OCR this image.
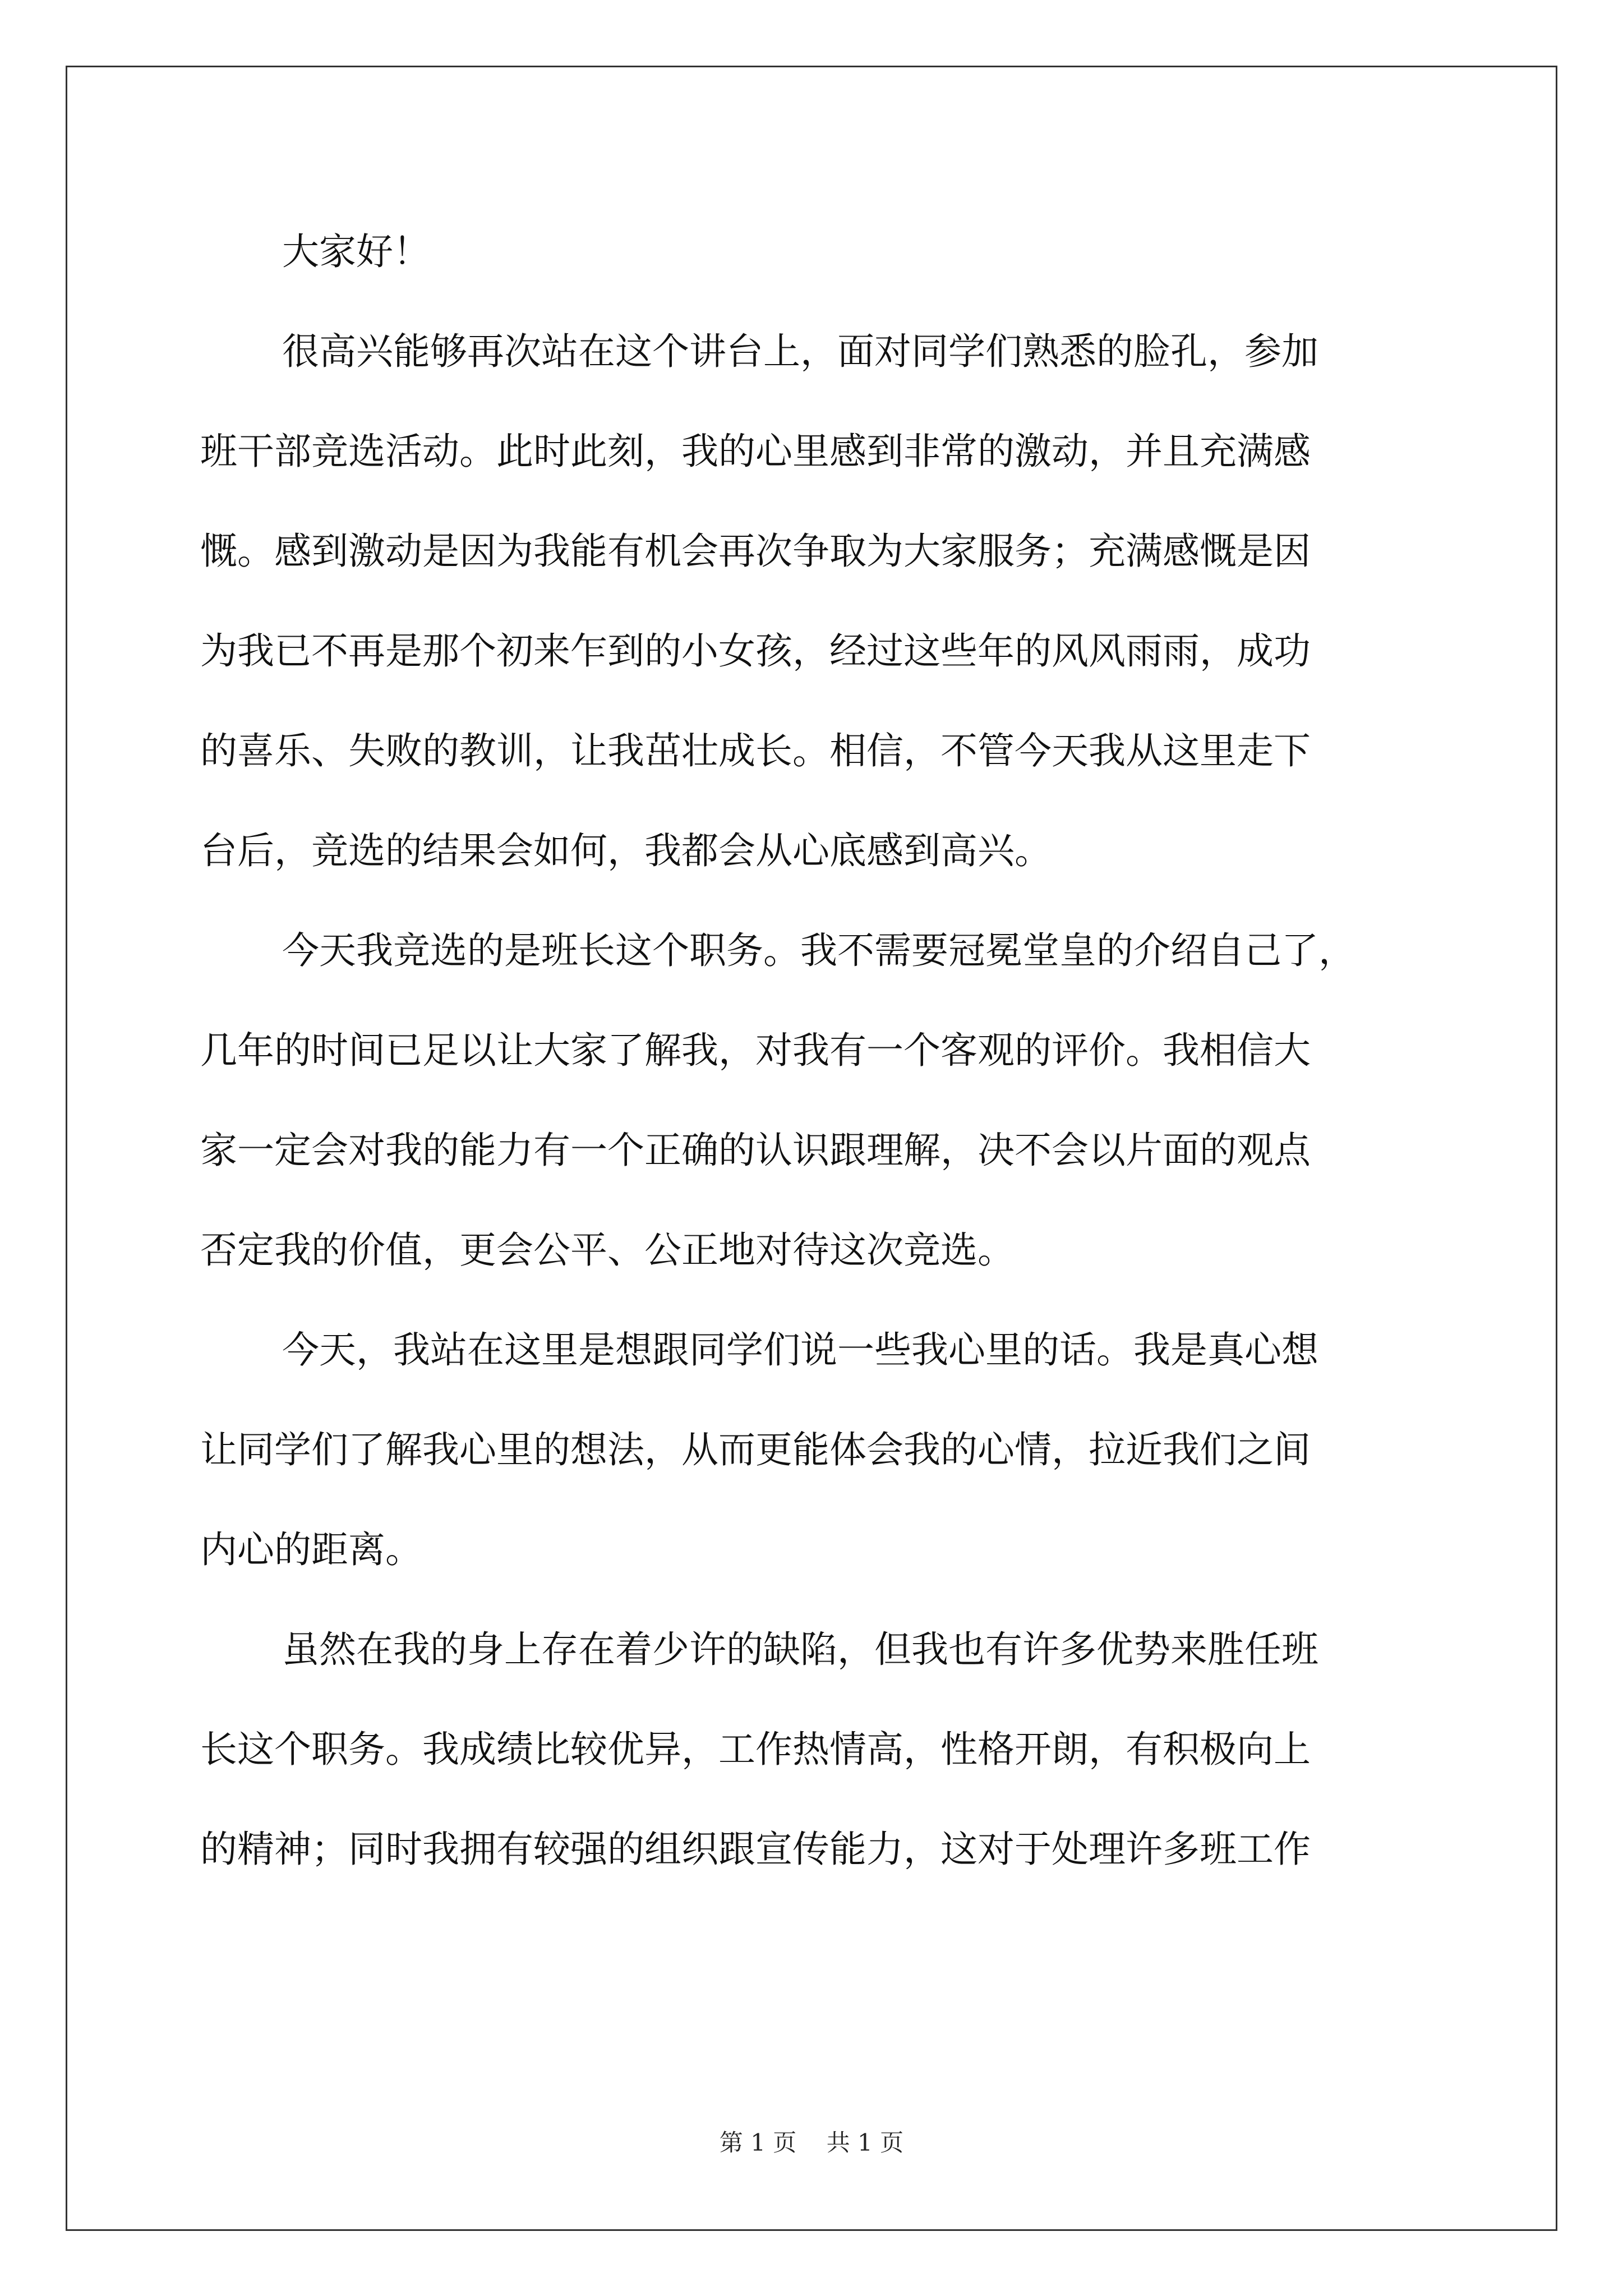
大家好！
很高兴能够再次站在这个讲台上，面对同学们熟悉的脸孔，参加
班干部竞选活动。此时此刻，我的心里感到非常的激动，并且充满感
慨。感到激动是因为我能有机会再次争取为大家服务；充满感慨是因
为我已不再是那个初来乍到的小女孩，经过这些年的风风雨雨，成功
的喜乐、失败的教训，让我茁壮成长。相信，不管今天我从这里走下
台后，竞选的结果会如何，我都会从心底感到高兴。
今天我竞选的是班长这个职务。我不需要冠冕堂皇的介绍自己了，
几年的时间已足以让大家了解我，对我有一个客观的评价。我相信大
家一定会对我的能力有一个正确的认识跟理解，决不会以片面的观点
否定我的价值，更会公平、公正地对待这次竞选。
今天，我站在这里是想跟同学们说一些我心里的话。我是真心想
让同学们了解我心里的想法，从而更能体会我的心情，拉近我们之间
内心的距离。
虽然在我的身上存在着少许的缺陷，但我也有许多优势来胜任班
长这个职务。我成绩比较优异，工作热情高，性格开朗，有积极向上
的精神；同时我拥有较强的组织跟宣传能力，这对于处理许多班工作
第 1 页    共 1 页
